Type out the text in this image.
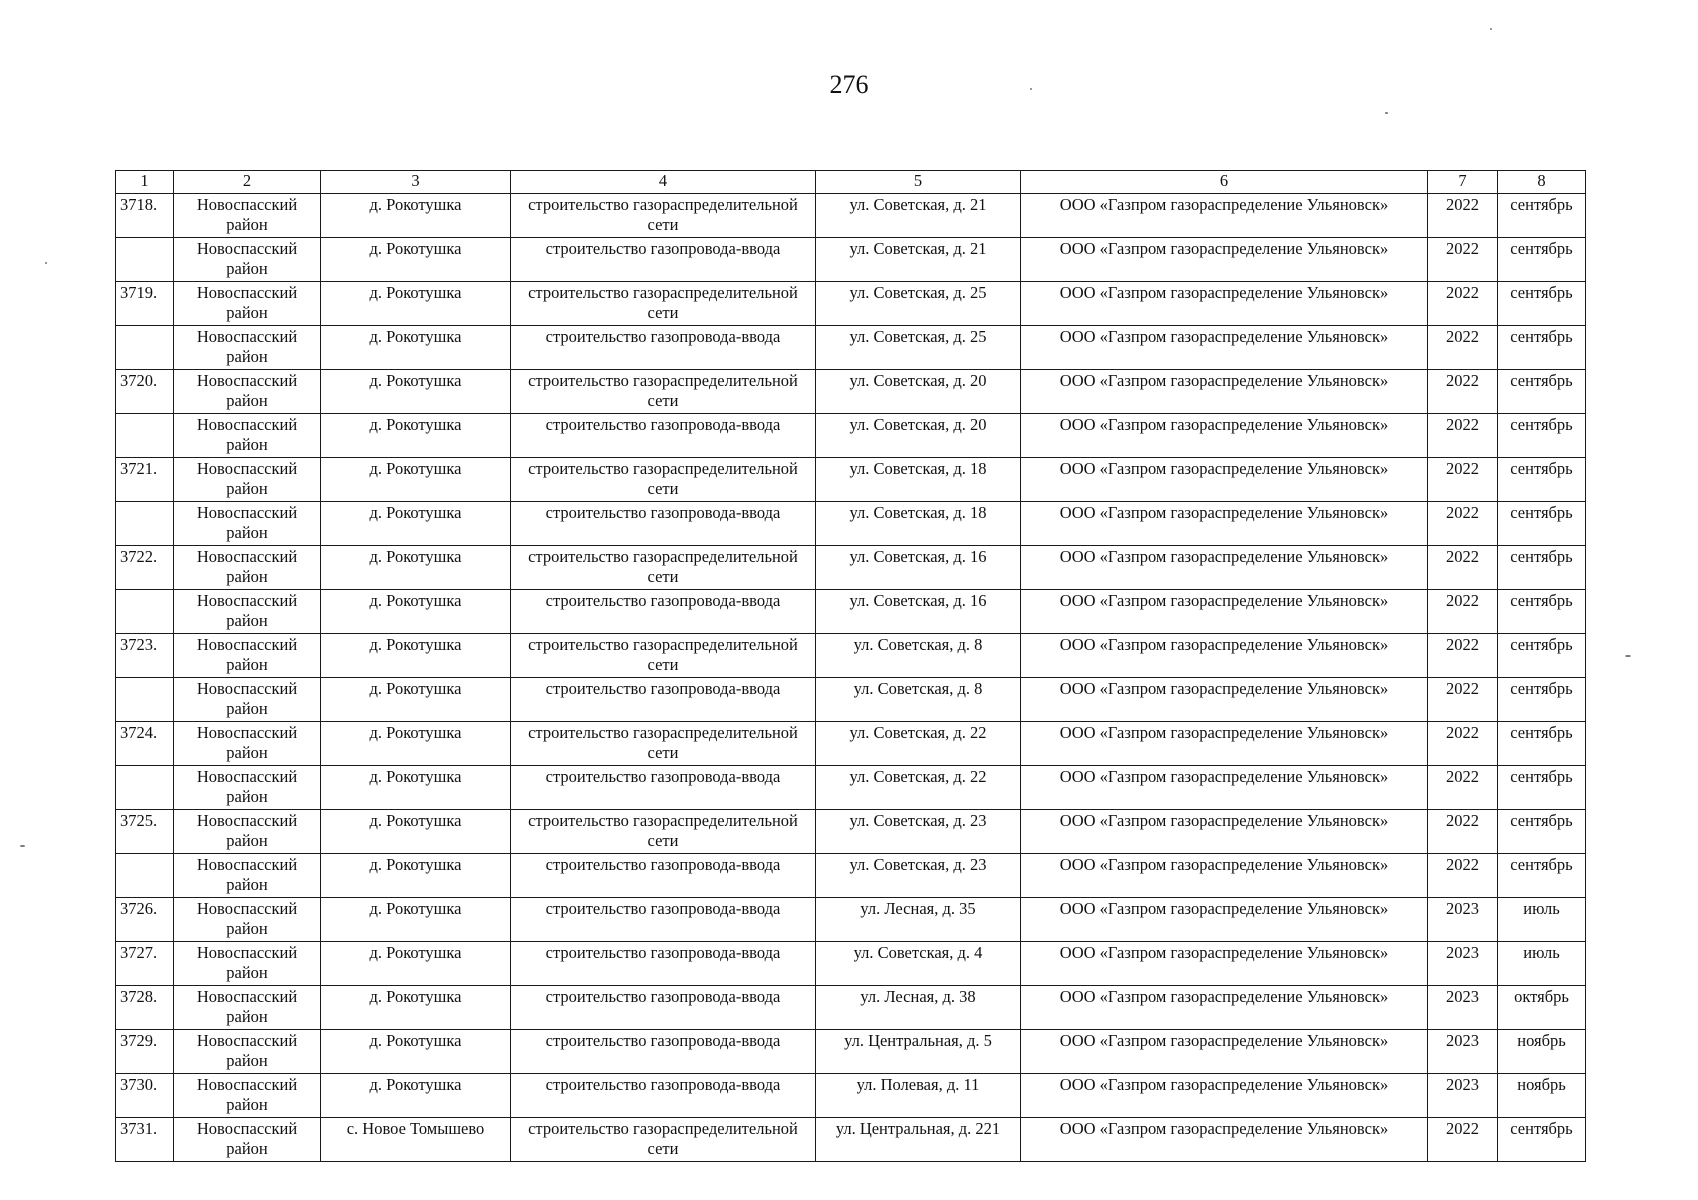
276
1	2	3	4	5	6	7	8
3718.	Новоспасский район	д. Рокотушка	строительство газораспределительной сети	ул. Советская, д. 21	ООО «Газпром газораспределение Ульяновск»	2022	сентябрь
	Новоспасский район	д. Рокотушка	строительство газопровода-ввода	ул. Советская, д. 21	ООО «Газпром газораспределение Ульяновск»	2022	сентябрь
3719.	Новоспасский район	д. Рокотушка	строительство газораспределительной сети	ул. Советская, д. 25	ООО «Газпром газораспределение Ульяновск»	2022	сентябрь
	Новоспасский район	д. Рокотушка	строительство газопровода-ввода	ул. Советская, д. 25	ООО «Газпром газораспределение Ульяновск»	2022	сентябрь
3720.	Новоспасский район	д. Рокотушка	строительство газораспределительной сети	ул. Советская, д. 20	ООО «Газпром газораспределение Ульяновск»	2022	сентябрь
	Новоспасский район	д. Рокотушка	строительство газопровода-ввода	ул. Советская, д. 20	ООО «Газпром газораспределение Ульяновск»	2022	сентябрь
3721.	Новоспасский район	д. Рокотушка	строительство газораспределительной сети	ул. Советская, д. 18	ООО «Газпром газораспределение Ульяновск»	2022	сентябрь
	Новоспасский район	д. Рокотушка	строительство газопровода-ввода	ул. Советская, д. 18	ООО «Газпром газораспределение Ульяновск»	2022	сентябрь
3722.	Новоспасский район	д. Рокотушка	строительство газораспределительной сети	ул. Советская, д. 16	ООО «Газпром газораспределение Ульяновск»	2022	сентябрь
	Новоспасский район	д. Рокотушка	строительство газопровода-ввода	ул. Советская, д. 16	ООО «Газпром газораспределение Ульяновск»	2022	сентябрь
3723.	Новоспасский район	д. Рокотушка	строительство газораспределительной сети	ул. Советская, д. 8	ООО «Газпром газораспределение Ульяновск»	2022	сентябрь
	Новоспасский район	д. Рокотушка	строительство газопровода-ввода	ул. Советская, д. 8	ООО «Газпром газораспределение Ульяновск»	2022	сентябрь
3724.	Новоспасский район	д. Рокотушка	строительство газораспределительной сети	ул. Советская, д. 22	ООО «Газпром газораспределение Ульяновск»	2022	сентябрь
	Новоспасский район	д. Рокотушка	строительство газопровода-ввода	ул. Советская, д. 22	ООО «Газпром газораспределение Ульяновск»	2022	сентябрь
3725.	Новоспасский район	д. Рокотушка	строительство газораспределительной сети	ул. Советская, д. 23	ООО «Газпром газораспределение Ульяновск»	2022	сентябрь
	Новоспасский район	д. Рокотушка	строительство газопровода-ввода	ул. Советская, д. 23	ООО «Газпром газораспределение Ульяновск»	2022	сентябрь
3726.	Новоспасский район	д. Рокотушка	строительство газопровода-ввода	ул. Лесная, д. 35	ООО «Газпром газораспределение Ульяновск»	2023	июль
3727.	Новоспасский район	д. Рокотушка	строительство газопровода-ввода	ул. Советская, д. 4	ООО «Газпром газораспределение Ульяновск»	2023	июль
3728.	Новоспасский район	д. Рокотушка	строительство газопровода-ввода	ул. Лесная, д. 38	ООО «Газпром газораспределение Ульяновск»	2023	октябрь
3729.	Новоспасский район	д. Рокотушка	строительство газопровода-ввода	ул. Центральная, д. 5	ООО «Газпром газораспределение Ульяновск»	2023	ноябрь
3730.	Новоспасский район	д. Рокотушка	строительство газопровода-ввода	ул. Полевая, д. 11	ООО «Газпром газораспределение Ульяновск»	2023	ноябрь
3731.	Новоспасский район	с. Новое Томышево	строительство газораспределительной сети	ул. Центральная, д. 221	ООО «Газпром газораспределение Ульяновск»	2022	сентябрь
